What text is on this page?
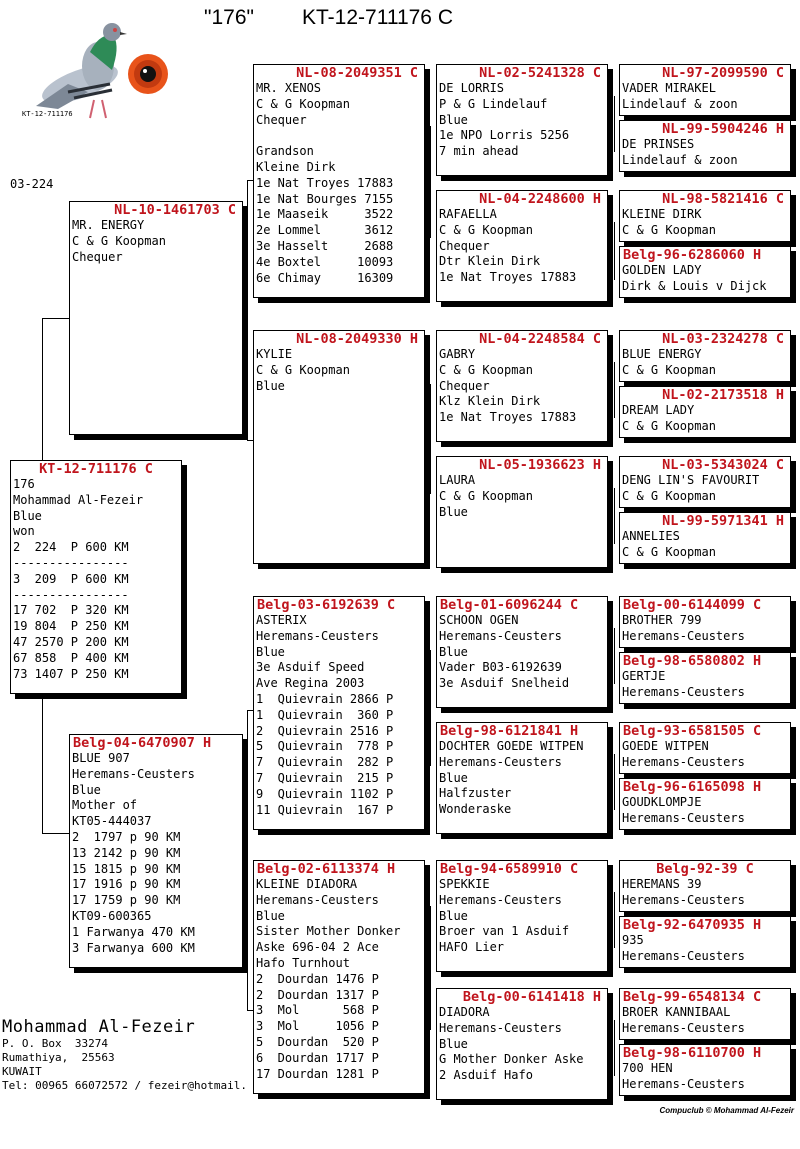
"176" KT-12-711176 C
KT-12-711176
03-224
KT-12-711176 C
176
Mohammad Al-Fezeir
Blue
won
2  224  P 600 KM
----------------
3  209  P 600 KM
----------------
17 702  P 320 KM
19 804  P 250 KM
47 2570 P 200 KM
67 858  P 400 KM
73 1407 P 250 KM
NL-10-1461703 C
MR. ENERGY
C & G Koopman
Chequer
Belg-04-6470907 H
BLUE 907
Heremans-Ceusters
Blue
Mother of
KT05-444037
2  1797 p 90 KM
13 2142 p 90 KM
15 1815 p 90 KM
17 1916 p 90 KM
17 1759 p 90 KM
KT09-600365
1 Farwanya 470 KM
3 Farwanya 600 KM
NL-08-2049351 C
MR. XENOS
C & G Koopman
Chequer
Grandson
Kleine Dirk
1e Nat Troyes 17883
1e Nat Bourges 7155
1e Maaseik     3522
2e Lommel      3612
3e Hasselt     2688
4e Boxtel     10093
6e Chimay     16309
NL-08-2049330 H
KYLIE
C & G Koopman
Blue
Belg-03-6192639 C
ASTERIX
Heremans-Ceusters
Blue
3e Asduif Speed
Ave Regina 2003
1  Quievrain 2866 P
1  Quievrain  360 P
2  Quievrain 2516 P
5  Quievrain  778 P
7  Quievrain  282 P
7  Quievrain  215 P
9  Quievrain 1102 P
11 Quievrain  167 P
Belg-02-6113374 H
KLEINE DIADORA
Heremans-Ceusters
Blue
Sister Mother Donker
Aske 696-04 2 Ace
Hafo Turnhout
2  Dourdan 1476 P
2  Dourdan 1317 P
3  Mol      568 P
3  Mol     1056 P
5  Dourdan  520 P
6  Dourdan 1717 P
17 Dourdan 1281 P
NL-02-5241328 C
DE LORRIS
P & G Lindelauf
Blue
1e NPO Lorris 5256
7 min ahead
NL-04-2248600 H
RAFAELLA
C & G Koopman
Chequer
Dtr Klein Dirk
1e Nat Troyes 17883
NL-04-2248584 C
GABRY
C & G Koopman
Chequer
Klz Klein Dirk
1e Nat Troyes 17883
NL-05-1936623 H
LAURA
C & G Koopman
Blue
Belg-01-6096244 C
SCHOON OGEN
Heremans-Ceusters
Blue
Vader B03-6192639
3e Asduif Snelheid
Belg-98-6121841 H
DOCHTER GOEDE WITPEN
Heremans-Ceusters
Blue
Halfzuster
Wonderaske
Belg-94-6589910 C
SPEKKIE
Heremans-Ceusters
Blue
Broer van 1 Asduif
HAFO Lier
Belg-00-6141418 H
DIADORA
Heremans-Ceusters
Blue
G Mother Donker Aske
2 Asduif Hafo
NL-97-2099590 C
VADER MIRAKEL
Lindelauf & zoon
NL-99-5904246 H
DE PRINSES
Lindelauf & zoon
NL-98-5821416 C
KLEINE DIRK
C & G Koopman
Belg-96-6286060 H
GOLDEN LADY
Dirk & Louis v Dijck
NL-03-2324278 C
BLUE ENERGY
C & G Koopman
NL-02-2173518 H
DREAM LADY
C & G Koopman
NL-03-5343024 C
DENG LIN'S FAVOURIT
C & G Koopman
NL-99-5971341 H
ANNELIES
C & G Koopman
Belg-00-6144099 C
BROTHER 799
Heremans-Ceusters
Belg-98-6580802 H
GERTJE
Heremans-Ceusters
Belg-93-6581505 C
GOEDE WITPEN
Heremans-Ceusters
Belg-96-6165098 H
GOUDKLOMPJE
Heremans-Ceusters
Belg-92-39 C
HEREMANS 39
Heremans-Ceusters
Belg-92-6470935 H
935
Heremans-Ceusters
Belg-99-6548134 C
BROER KANNIBAAL
Heremans-Ceusters
Belg-98-6110700 H
700 HEN
Heremans-Ceusters
Mohammad Al-Fezeir
P. O. Box  33274
Rumathiya,  25563
KUWAIT
Tel: 00965 66072572 / fezeir@hotmail.
Compuclub © Mohammad Al-Fezeir
